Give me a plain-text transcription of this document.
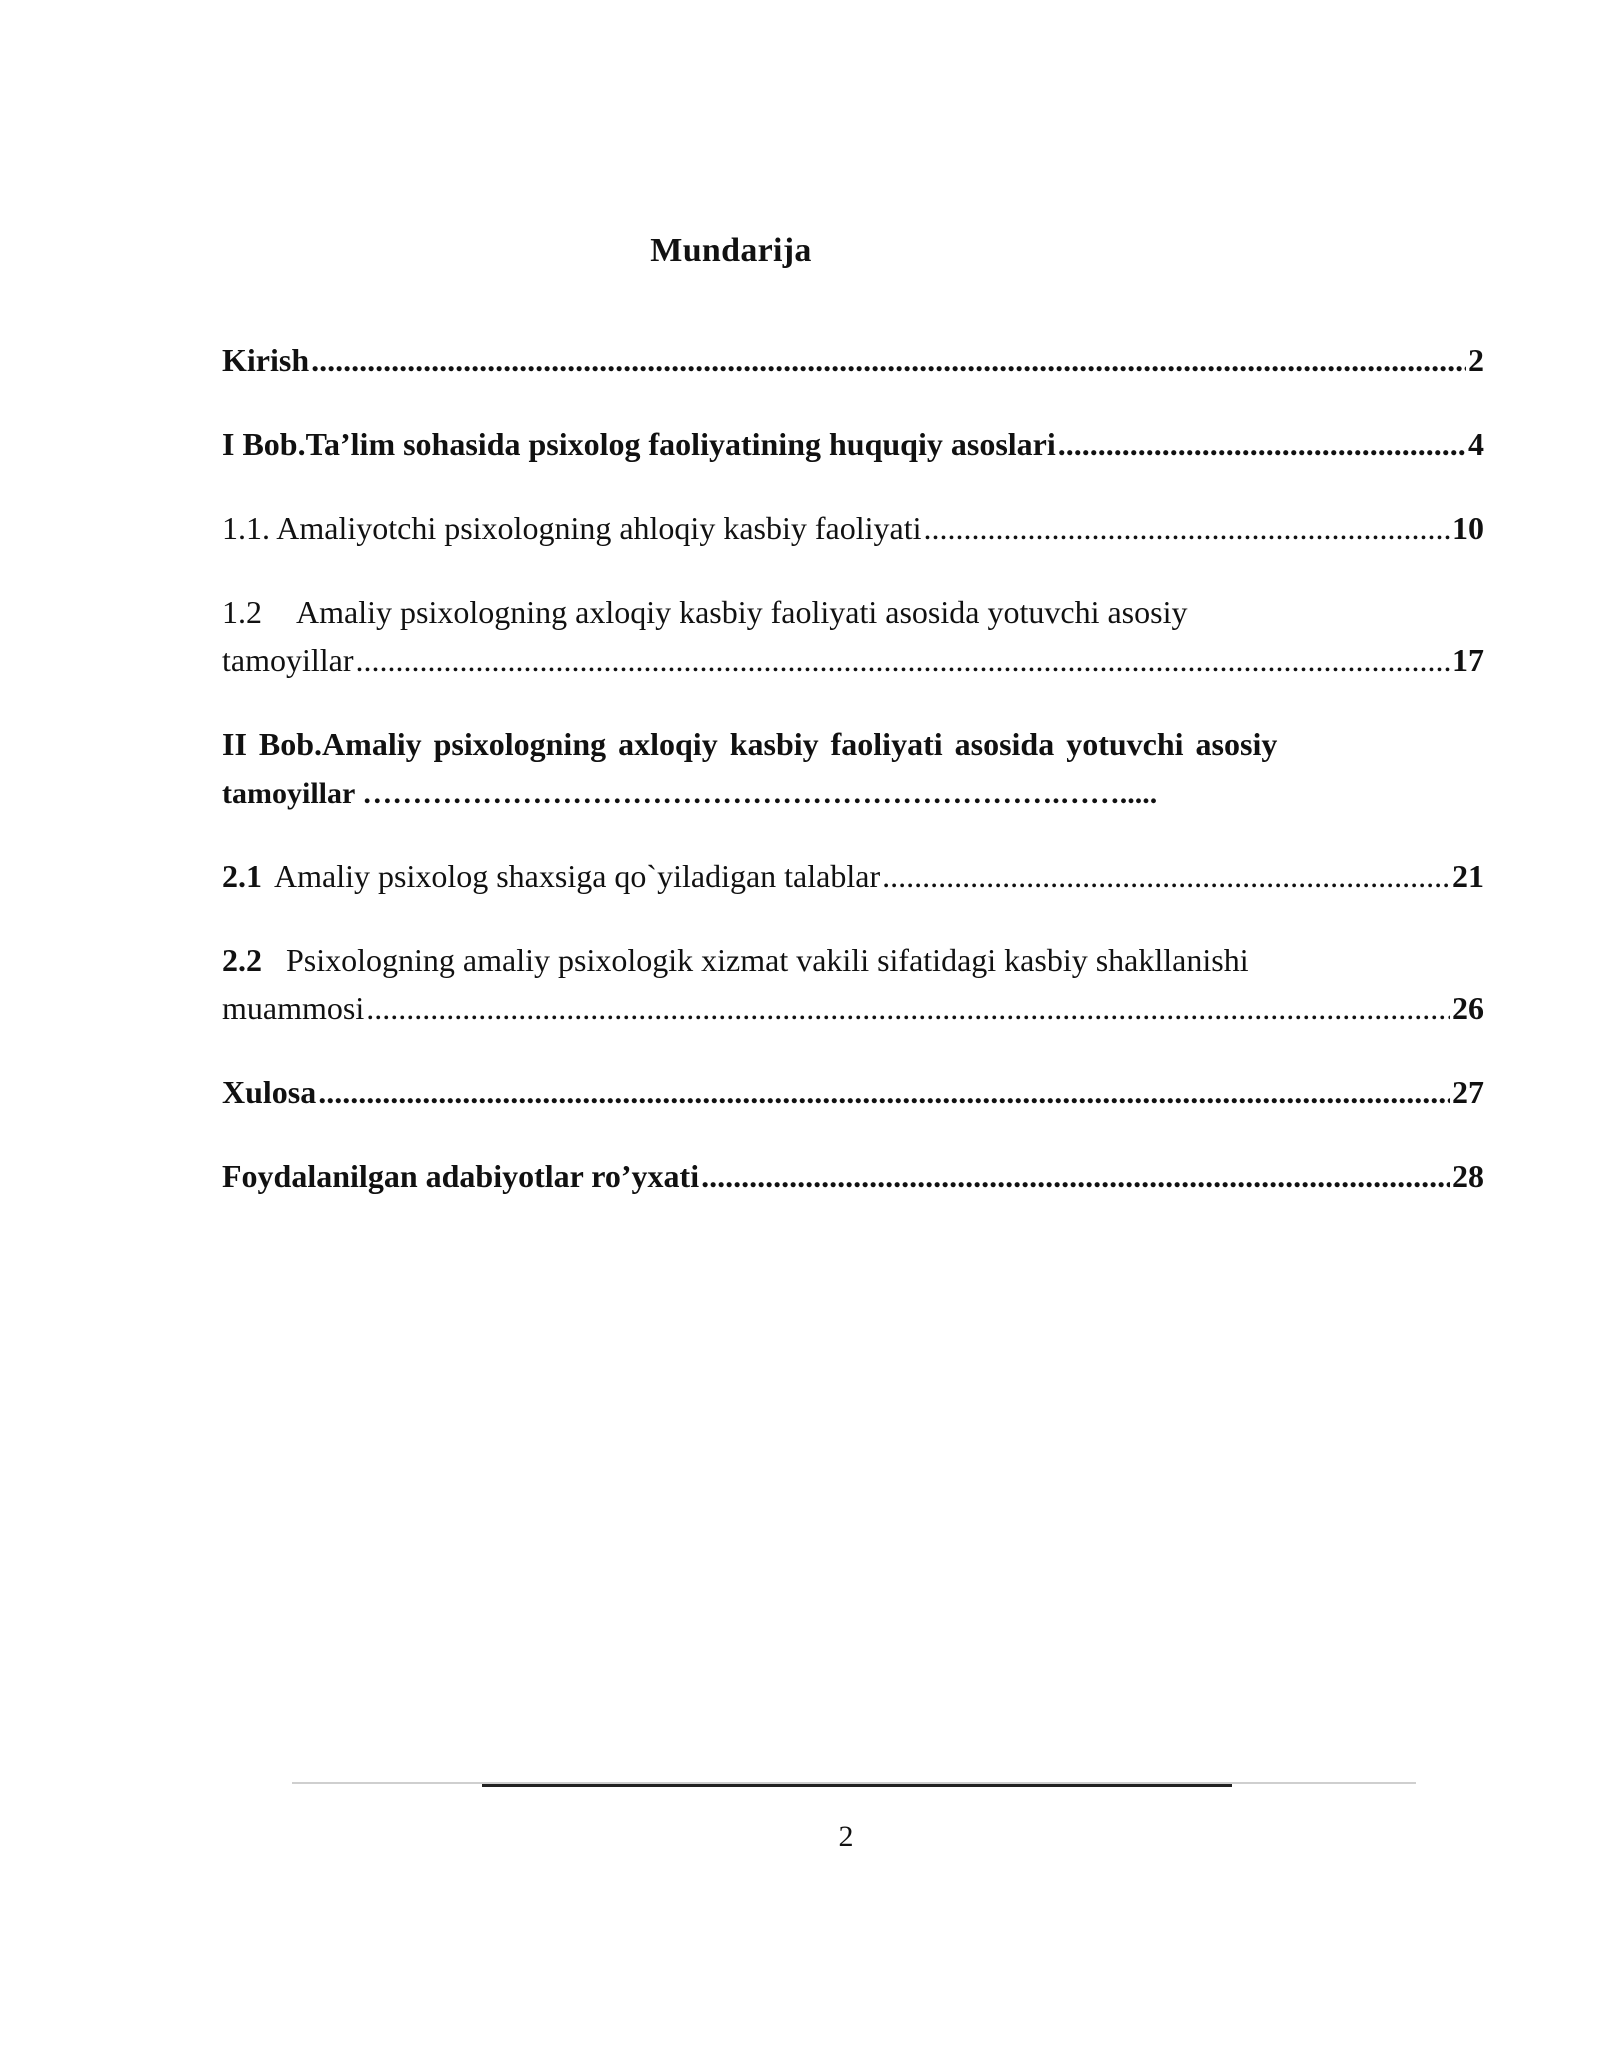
Mundarija
Kirish .....	2
I Bob.Ta’lim sohasida psixolog faoliyatining huquqiy asoslari .....	4
1.1. Amaliyotchi psixologning ahloqiy kasbiy faoliyati .....	10
1.2 Amaliy psixologning axloqiy kasbiy faoliyati asosida yotuvchi asosiy
tamoyillar .....	17
II Bob.Amaliy psixologning axloqiy kasbiy faoliyati asosida yotuvchi asosiy
tamoyillar …………………………………………………………….…….....
2.1 Amaliy psixolog shaxsiga qo`yiladigan talablar .....	21
2.2 Psixologning amaliy psixologik xizmat vakili sifatidagi kasbiy shakllanishi
muammosi .....	26
Xulosa .....	27
Foydalanilgan adabiyotlar ro’yxati .....	28
2
